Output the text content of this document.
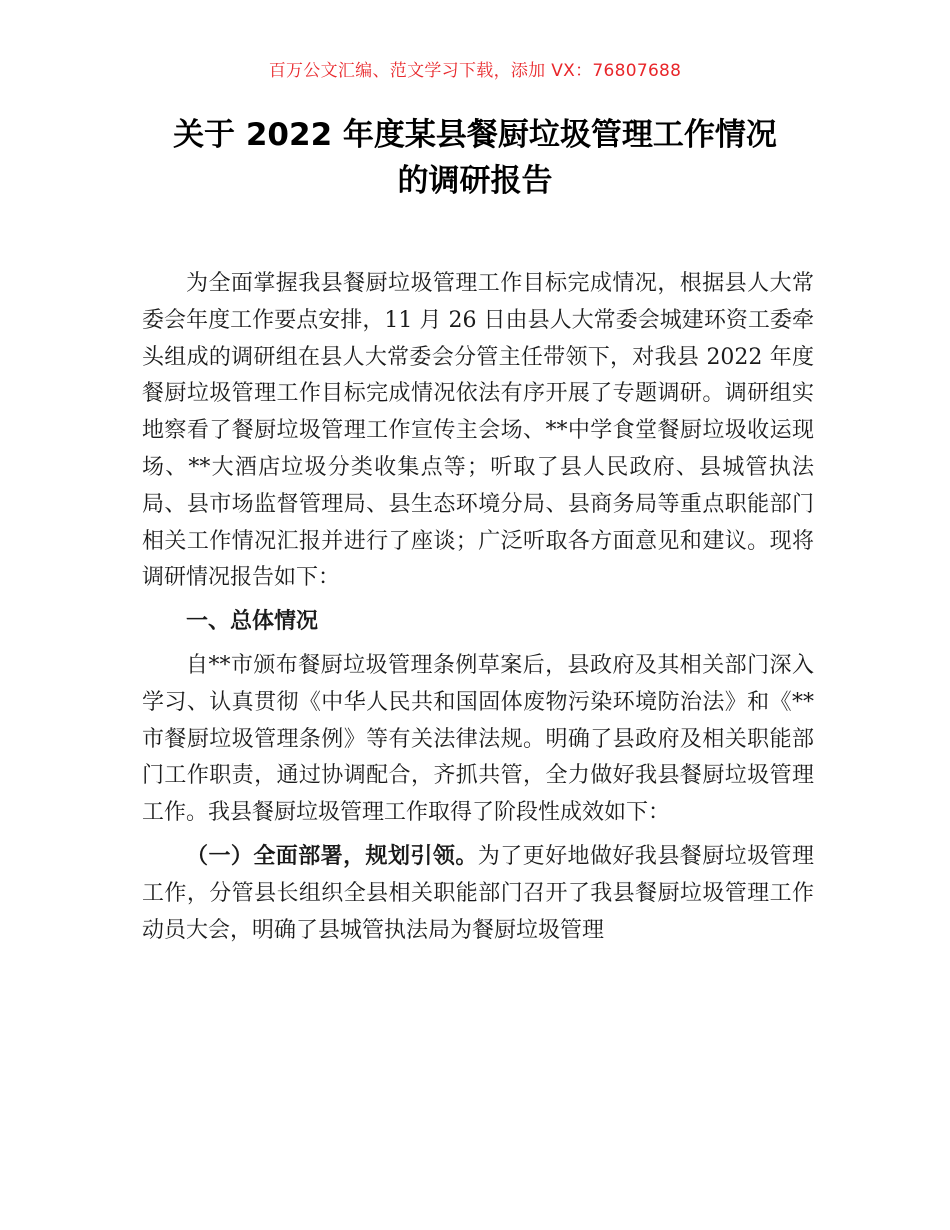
百万公文汇编、范文学习下载，添加 VX：76807688
关于 2022 年度某县餐厨垃圾管理工作情况
的调研报告

为全面掌握我县餐厨垃圾管理工作目标完成情况，根据县人大常委会年度工作要点安排，11 月 26 日由县人大常委会城建环资工委牵头组成的调研组在县人大常委会分管主任带领下，对我县 2022 年度餐厨垃圾管理工作目标完成情况依法有序开展了专题调研。调研组实地察看了餐厨垃圾管理工作宣传主会场、**中学食堂餐厨垃圾收运现场、**大酒店垃圾分类收集点等；听取了县人民政府、县城管执法局、县市场监督管理局、县生态环境分局、县商务局等重点职能部门相关工作情况汇报并进行了座谈；广泛听取各方面意见和建议。现将调研情况报告如下：

一、总体情况

自**市颁布餐厨垃圾管理条例草案后，县政府及其相关部门深入学习、认真贯彻《中华人民共和国固体废物污染环境防治法》和《**市餐厨垃圾管理条例》等有关法律法规。明确了县政府及相关职能部门工作职责，通过协调配合，齐抓共管，全力做好我县餐厨垃圾管理工作。我县餐厨垃圾管理工作取得了阶段性成效如下：

（一）全面部署，规划引领。为了更好地做好我县餐厨垃圾管理工作，分管县长组织全县相关职能部门召开了我县餐厨垃圾管理工作动员大会，明确了县城管执法局为餐厨垃圾管理
